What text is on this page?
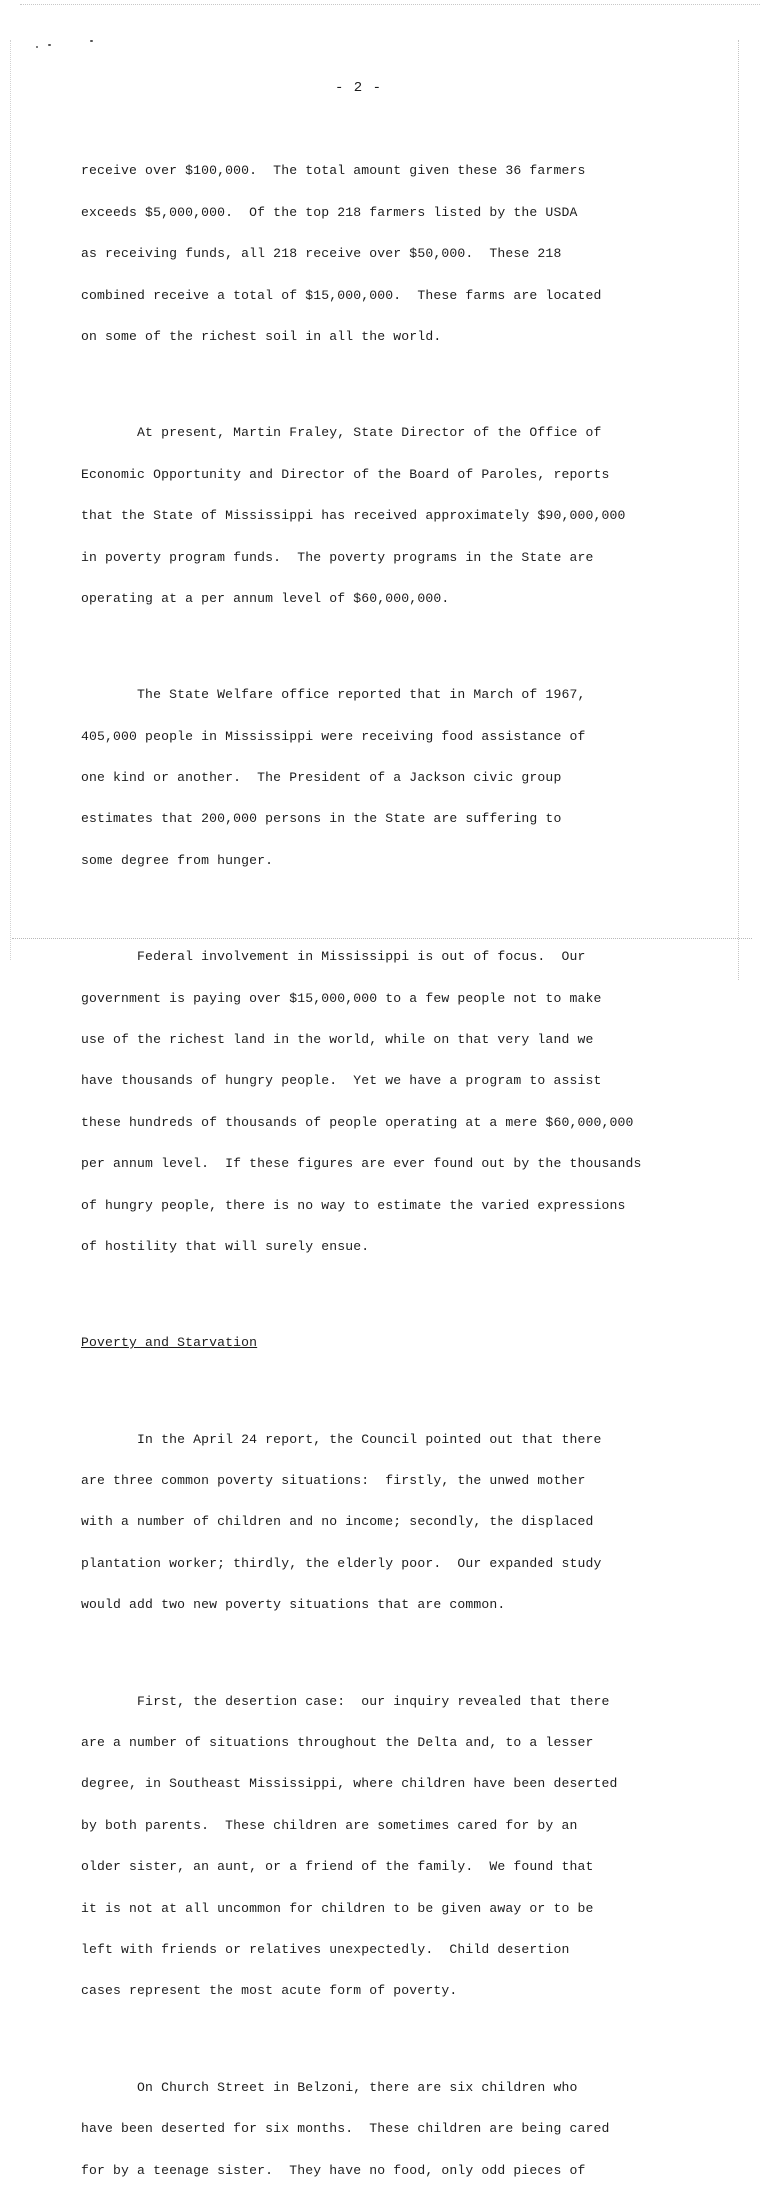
- 2 -

receive over $100,000.  The total amount given these 36 farmers

exceeds $5,000,000.  Of the top 218 farmers listed by the USDA

as receiving funds, all 218 receive over $50,000.  These 218

combined receive a total of $15,000,000.  These farms are located

on some of the richest soil in all the world.

At present, Martin Fraley, State Director of the Office of

Economic Opportunity and Director of the Board of Paroles, reports

that the State of Mississippi has received approximately $90,000,000

in poverty program funds.  The poverty programs in the State are

operating at a per annum level of $60,000,000.

The State Welfare office reported that in March of 1967,

405,000 people in Mississippi were receiving food assistance of

one kind or another.  The President of a Jackson civic group

estimates that 200,000 persons in the State are suffering to

some degree from hunger.

Federal involvement in Mississippi is out of focus.  Our

government is paying over $15,000,000 to a few people not to make

use of the richest land in the world, while on that very land we

have thousands of hungry people.  Yet we have a program to assist

these hundreds of thousands of people operating at a mere $60,000,000

per annum level.  If these figures are ever found out by the thousands

of hungry people, there is no way to estimate the varied expressions

of hostility that will surely ensue.

Poverty and Starvation

In the April 24 report, the Council pointed out that there

are three common poverty situations:  firstly, the unwed mother

with a number of children and no income; secondly, the displaced

plantation worker; thirdly, the elderly poor.  Our expanded study

would add two new poverty situations that are common.

First, the desertion case:  our inquiry revealed that there

are a number of situations throughout the Delta and, to a lesser

degree, in Southeast Mississippi, where children have been deserted

by both parents.  These children are sometimes cared for by an

older sister, an aunt, or a friend of the family.  We found that

it is not at all uncommon for children to be given away or to be

left with friends or relatives unexpectedly.  Child desertion

cases represent the most acute form of poverty.

On Church Street in Belzoni, there are six children who

have been deserted for six months.  These children are being cared

for by a teenage sister.  They have no food, only odd pieces of
